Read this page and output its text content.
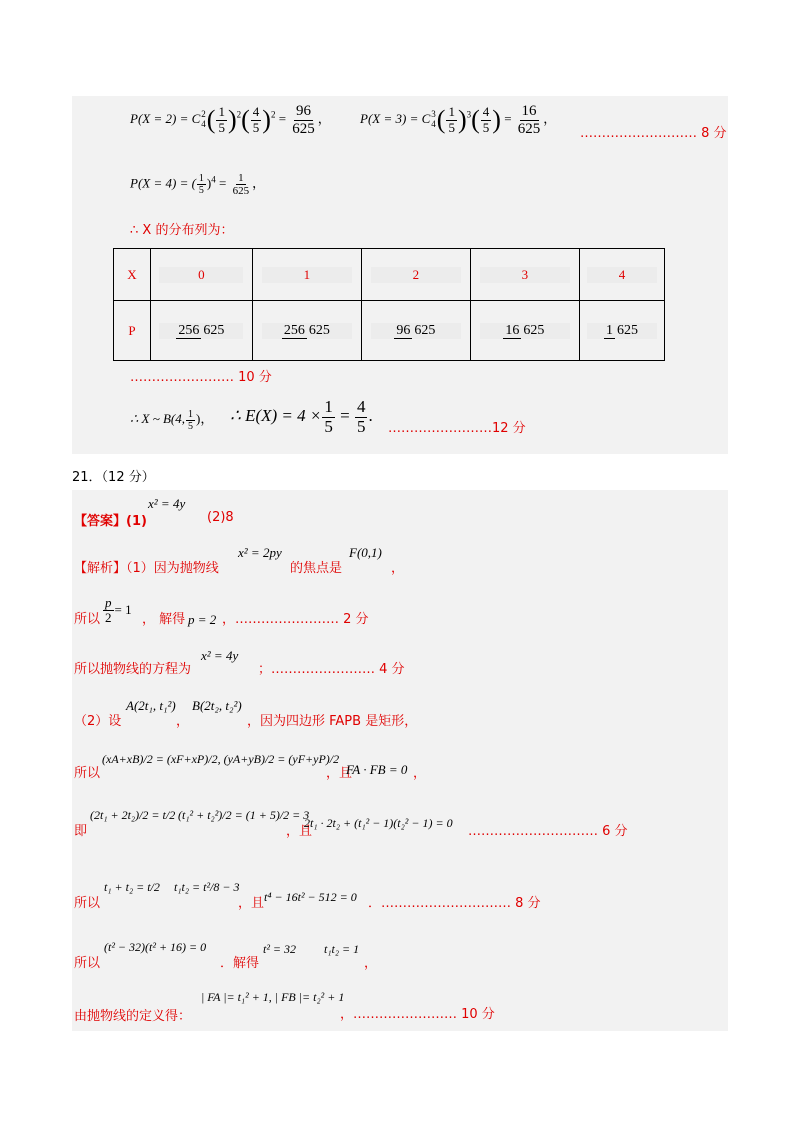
P(X = 2) = C 2
4 ( $\frac{1}{5} )^2( \frac{4}{5} )^2 = \frac{96}{625}$ ， P(X = 3) = C 3
4 ( $\frac{1}{5} )^3( \frac{4}{5}$ ) = $\frac{16}{625}$ ，
……………………… 8 分
P(X = 4) = ( $\frac{1}{5} )^4 = \frac{1}{625}$ ，
∴ X 的分布列为：
X	0	1	2	3	4
P	256 625	256 625	96 625	16 625	1 625
…………………… 10 分
∴ X ~ B(4, $\frac{1}{5}$ )， ∴ $E(X) = 4 \times \frac{1}{5} = \frac{4}{5}$ .
……………………12 分
21．（12 分）
【答案】(1)
x² = 4y
(2)8
【解析】（1）因为抛物线
x² = 2py
的焦点是
F(0,1)
，
所以 $\frac{p}{2} = 1$
， 解得 p = 2 ，…………………… 2 分
所以抛物线的方程为
x² = 4y
；…………………… 4 分
（2）设
A(2t₁, t₁²)
，
B(2t₂, t₂²)
，因为四边形 FAPB 是矩形，
所以
(xA+xB)/2 = (xF+xP)/2, (yA+yB)/2 = (yF+yP)/2
，且
FA · FB = 0 ，
即
(2t₁ + 2t₂)/2 = t/2 (t₁² + t₂²)/2 = (1 + 5)/2 = 3
，且
2t₁ · 2t₂ + (t₁² − 1)(t₂² − 1) = 0
………………………… 6 分
所以
t₁ + t₂ = t/2 t₁t₂ = t²/8 − 3
，且 t⁴ − 16t² − 512 = 0 ．………………………… 8 分
所以
(t² − 32)(t² + 16) = 0
．解得
t² = 32 t₁t₂ = 1
，
由抛物线的定义得：
| FA |= t₁² + 1, | FB |= t₂² + 1
，…………………… 10 分
